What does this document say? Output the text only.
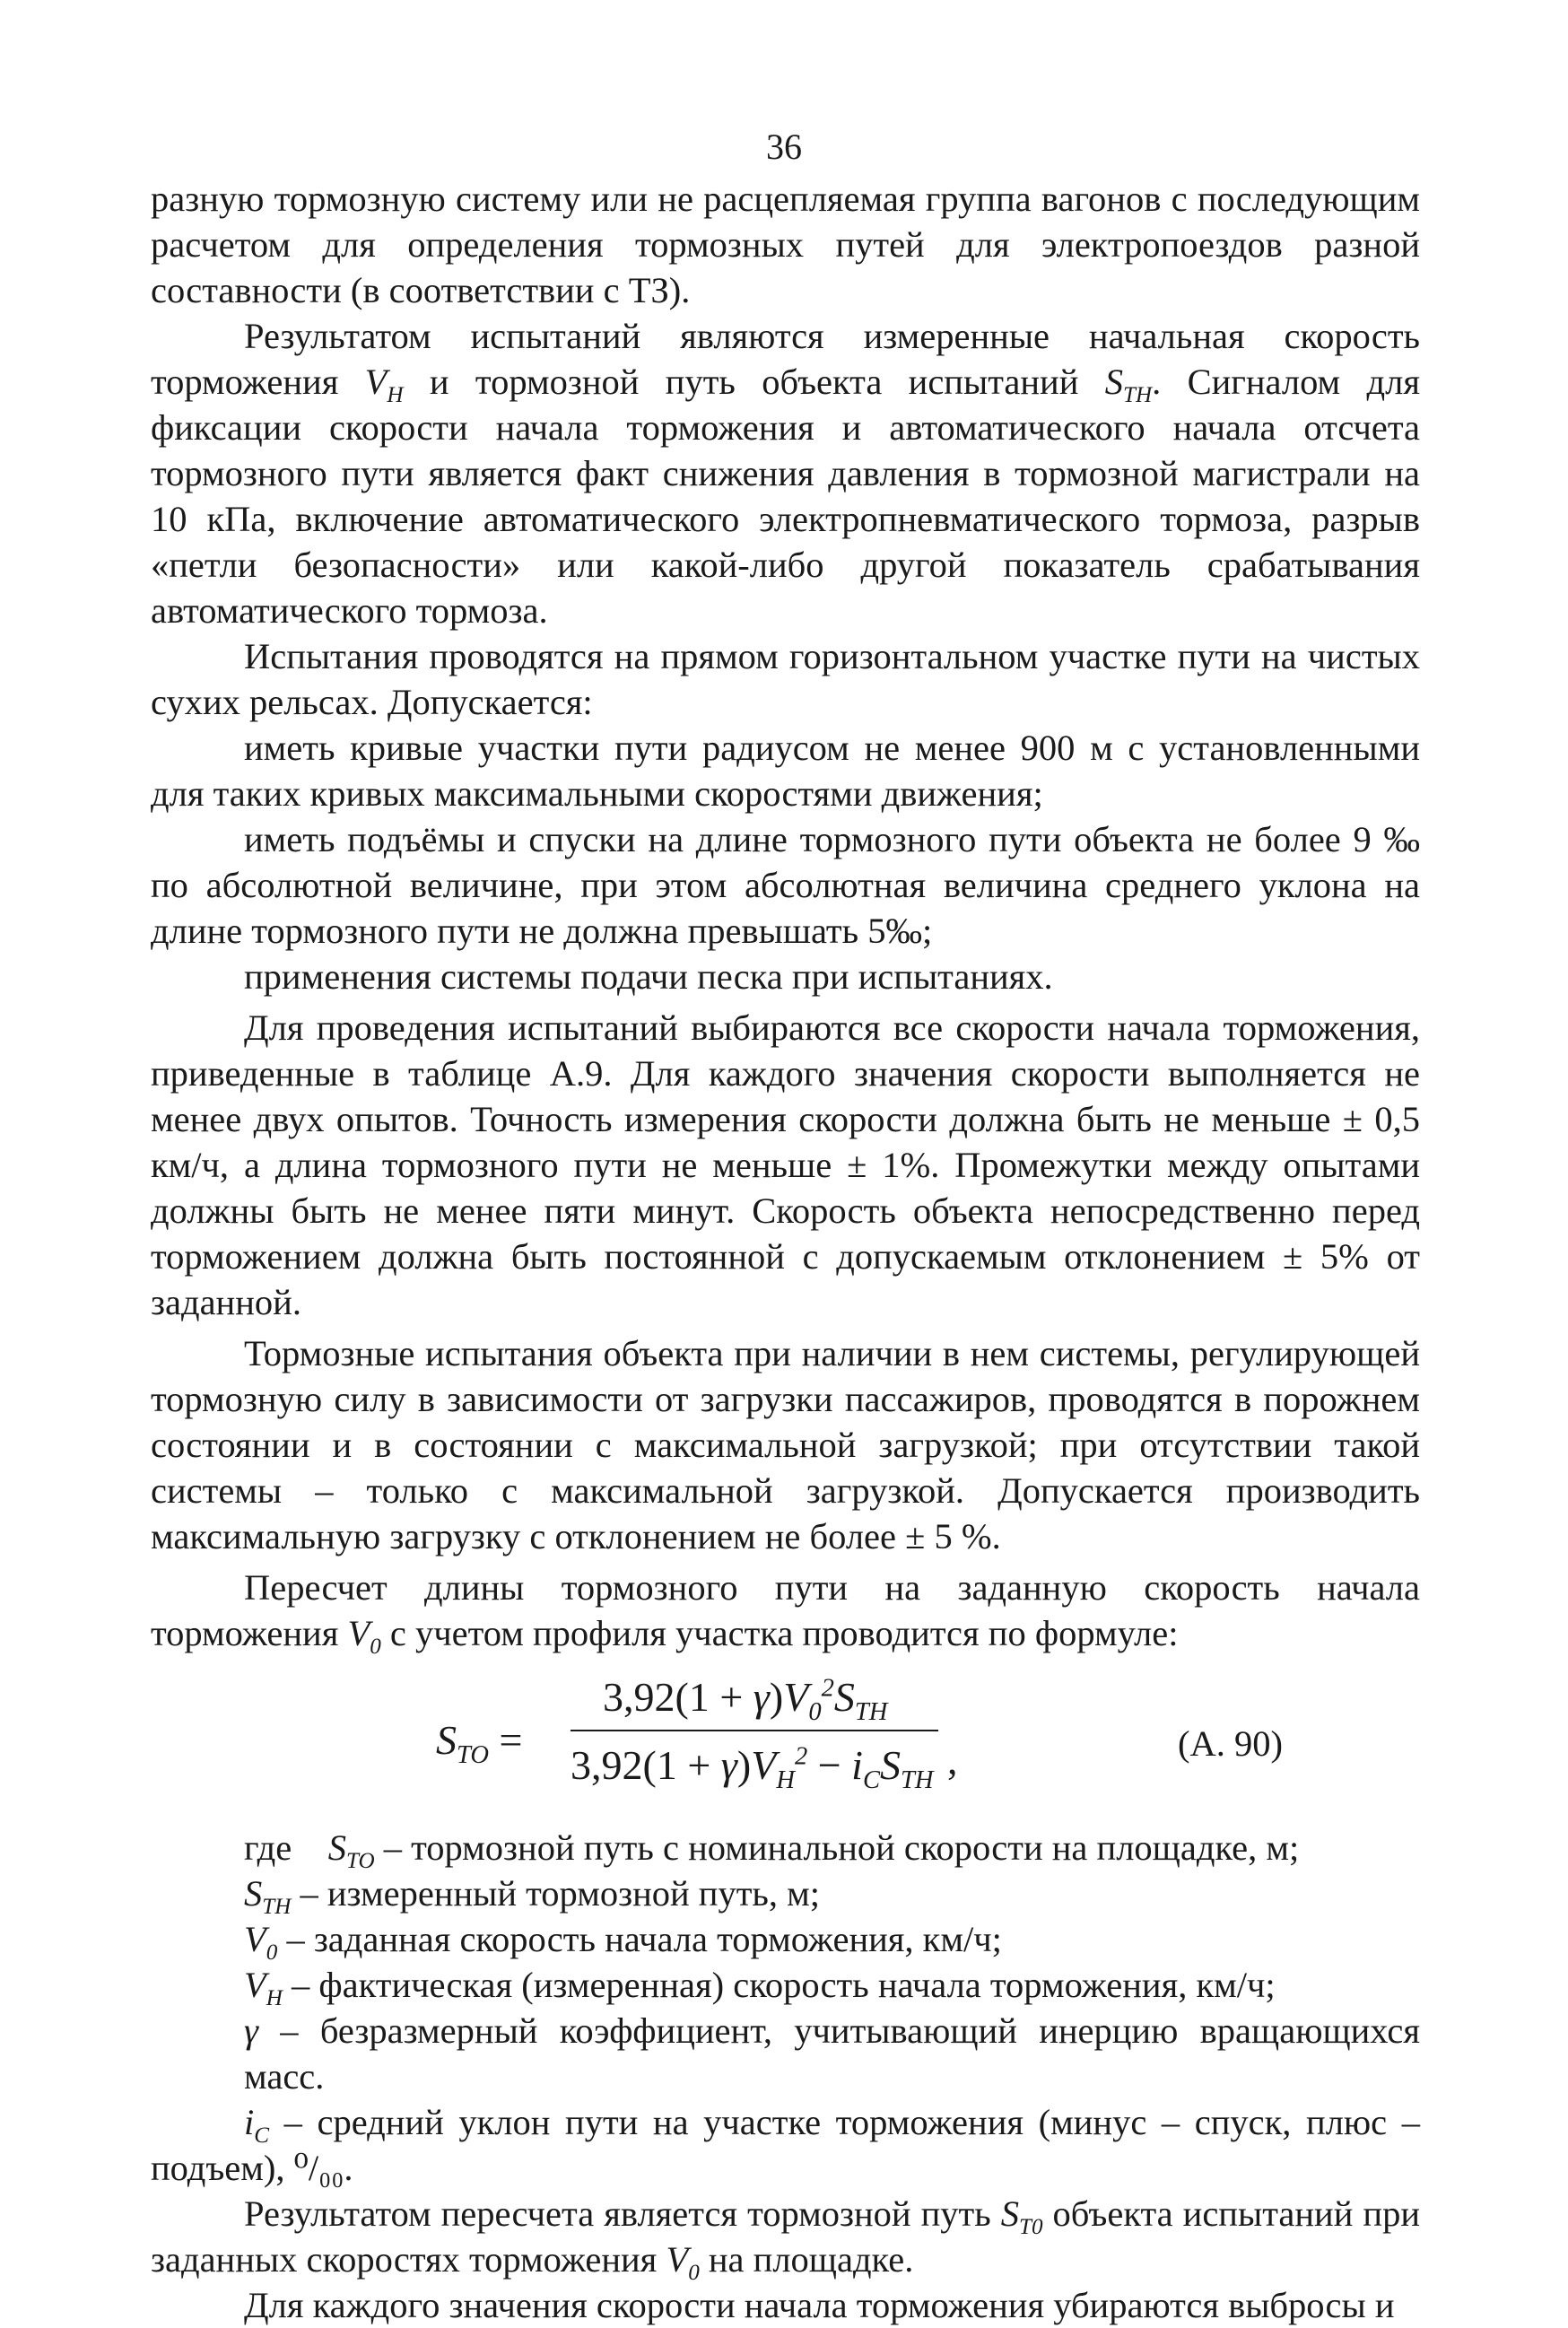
36

разную тормозную систему или не расцепляемая группа вагонов с последующим расчетом для определения тормозных путей для электропоездов разной составности (в соответствии с ТЗ).

Результатом испытаний являются измеренные начальная скорость торможения $V_H$ и тормозной путь объекта испытаний $S_{TH}$. Сигналом для фиксации скорости начала торможения и автоматического начала отсчета тормозного пути является факт снижения давления в тормозной магистрали на 10 кПа, включение автоматического электропневматического тормоза, разрыв «петли безопасности» или какой-либо другой показатель срабатывания автоматического тормоза.

Испытания проводятся на прямом горизонтальном участке пути на чистых сухих рельсах. Допускается:

иметь кривые участки пути радиусом не менее 900 м с установленными для таких кривых максимальными скоростями движения;

иметь подъёмы и спуски на длине тормозного пути объекта не более 9 ‰ по абсолютной величине, при этом абсолютная величина среднего уклона на длине тормозного пути не должна превышать 5‰;

применения системы подачи песка при испытаниях.

Для проведения испытаний выбираются все скорости начала торможения, приведенные в таблице А.9. Для каждого значения скорости выполняется не менее двух опытов. Точность измерения скорости должна быть не меньше ± 0,5 км/ч, а длина тормозного пути не меньше ± 1%. Промежутки между опытами должны быть не менее пяти минут. Скорость объекта непосредственно перед торможением должна быть постоянной с допускаемым отклонением ± 5% от заданной.

Тормозные испытания объекта при наличии в нем системы, регулирующей тормозную силу в зависимости от загрузки пассажиров, проводятся в порожнем состоянии и в состоянии с максимальной загрузкой; при отсутствии такой системы – только с максимальной загрузкой. Допускается производить максимальную загрузку с отклонением не более ± 5 %.

Пересчет длины тормозного пути на заданную скорость начала торможения $V_0$ с учетом профиля участка проводится по формуле:

$S_{TO}$ =
$3,92(1 + \gamma)V_0^2S_{TH}$
$3,92(1 + \gamma)V_H^2 - i_CS_{TH}$ ,	(А. 90)

где $S_{TO}$ – тормозной путь с номинальной скорости на площадке, м;

$S_{TH}$ – измеренный тормозной путь, м;

$V_0$ – заданная скорость начала торможения, км/ч;

$V_H$ – фактическая (измеренная) скорость начала торможения, км/ч;

γ – безразмерный коэффициент, учитывающий инерцию вращающихся масс.

$i_C$ – средний уклон пути на участке торможения (минус – спуск, плюс – подъем), ⁰/₀₀.

Результатом пересчета является тормозной путь $S_{T0}$ объекта испытаний при заданных скоростях торможения $V_0$ на площадке.

Для каждого значения скорости начала торможения убираются выбросы и
